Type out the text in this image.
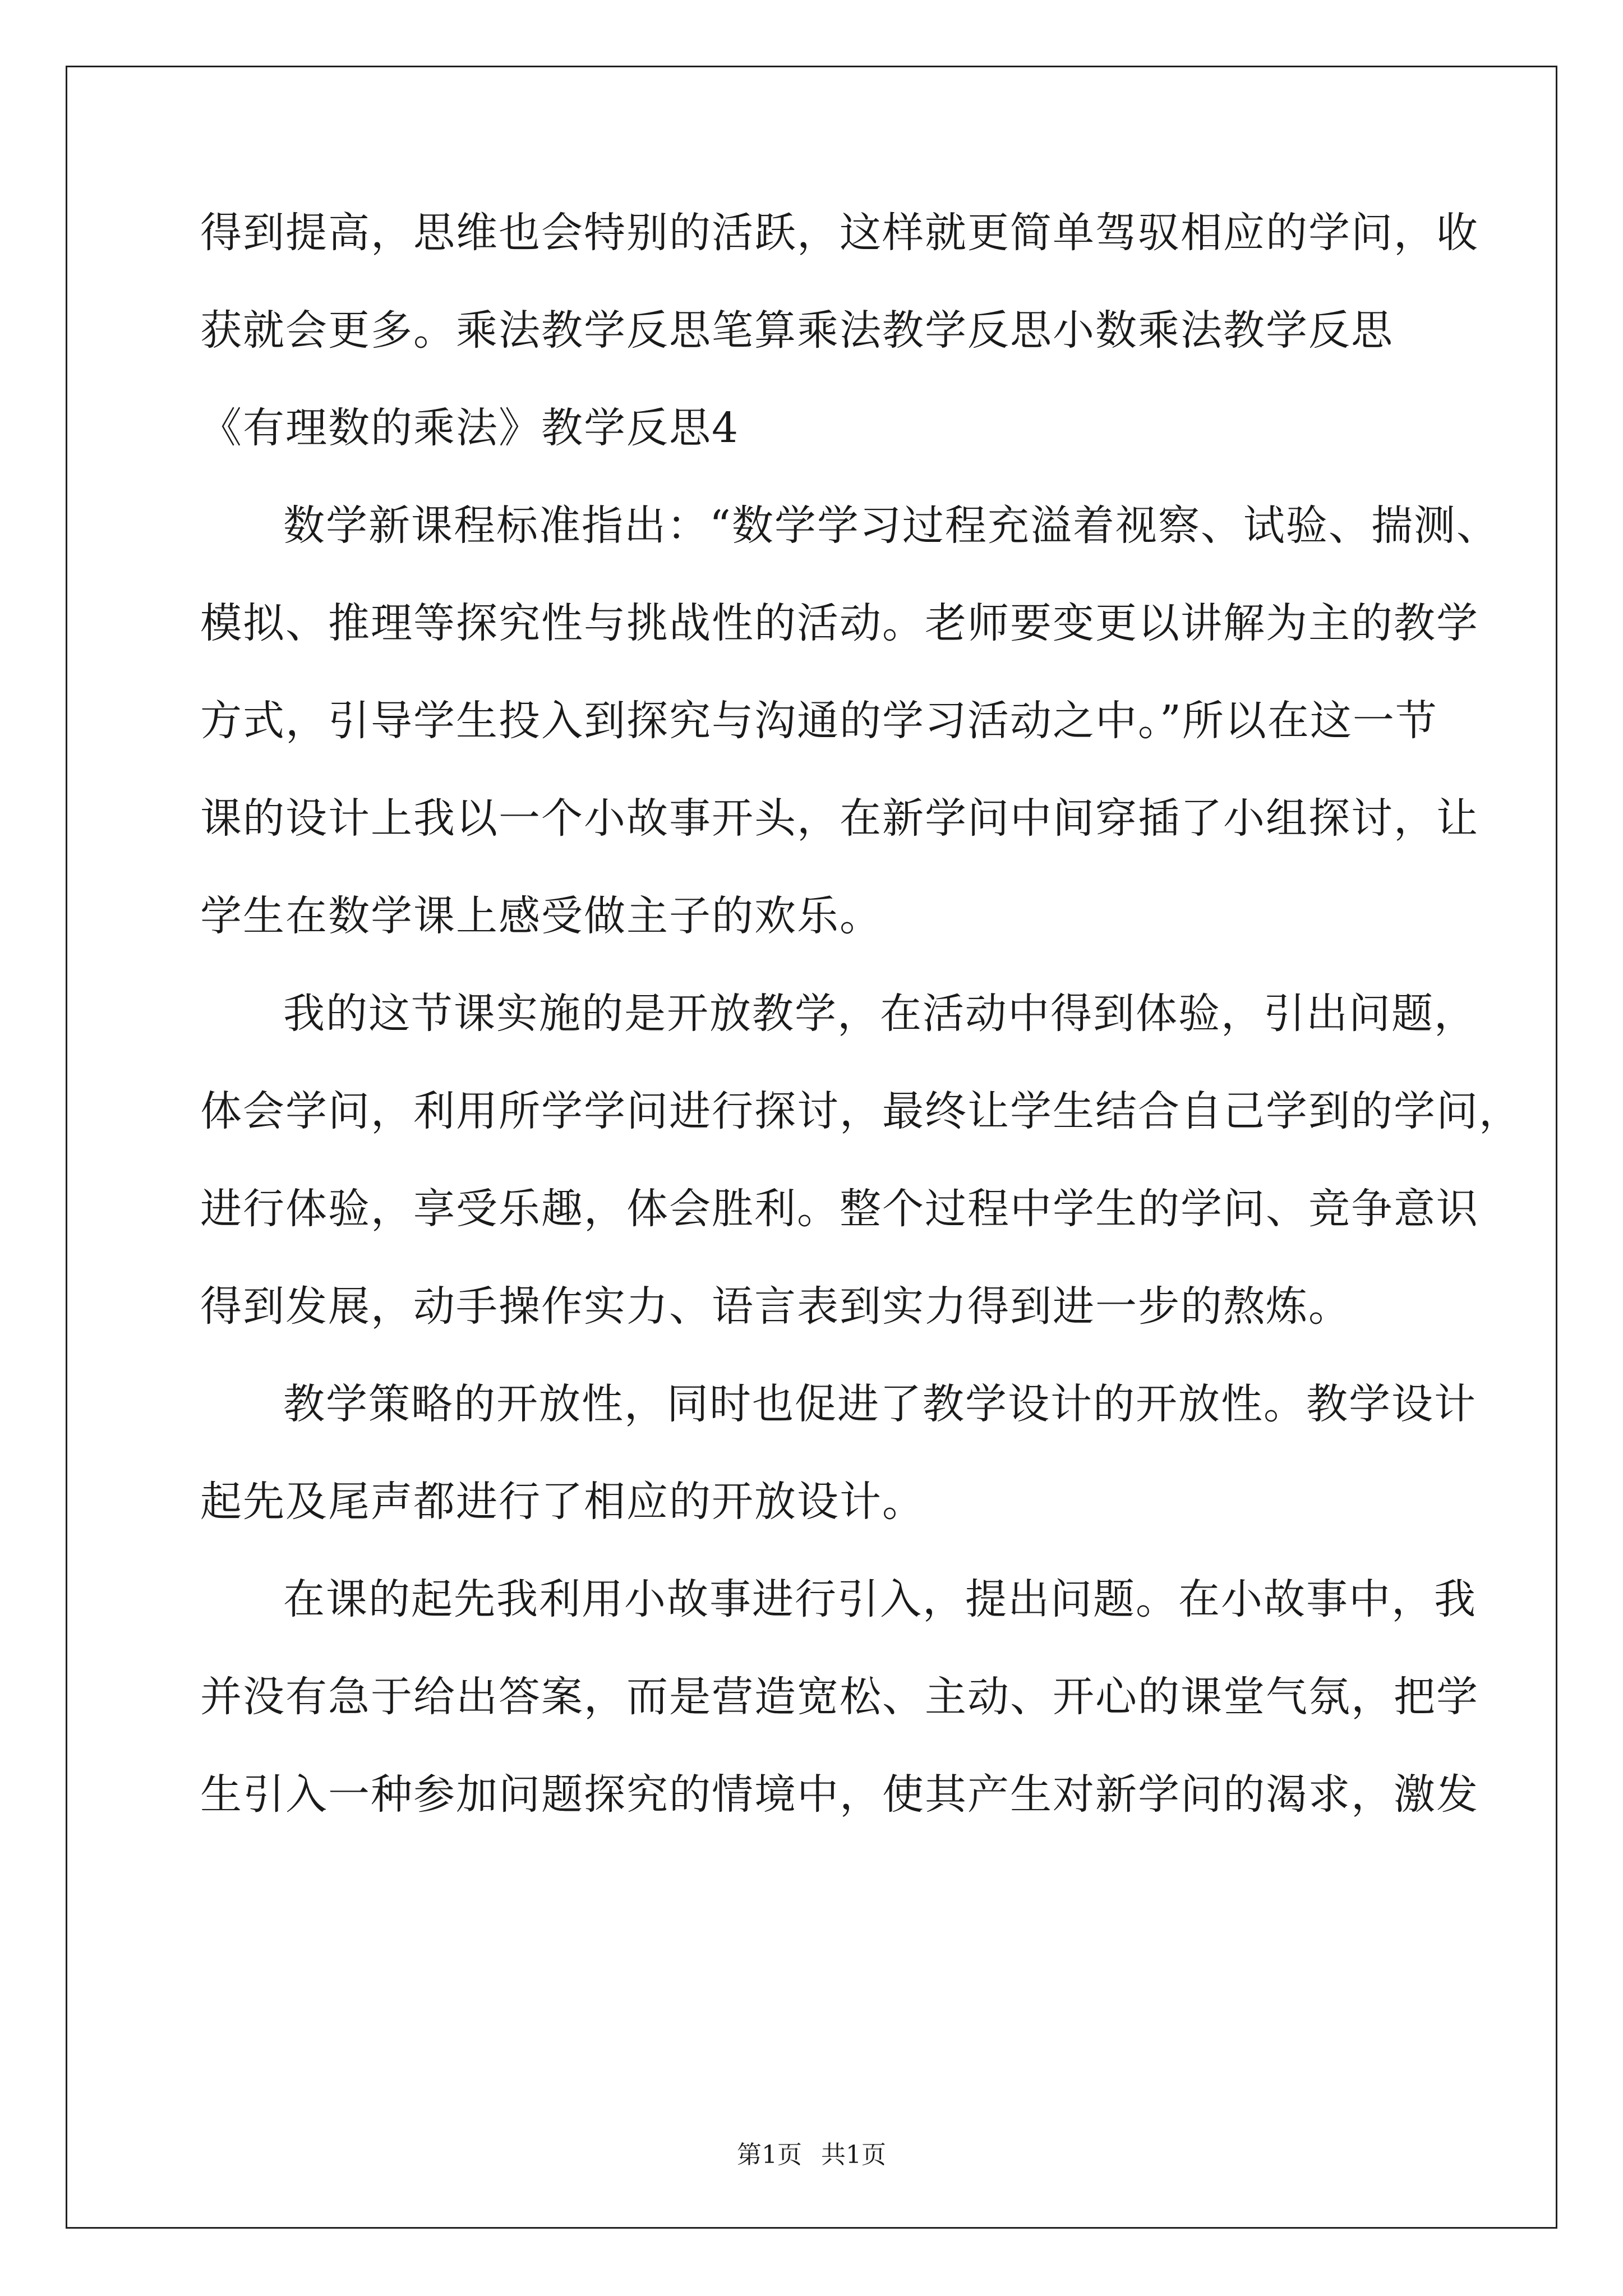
得到提高，思维也会特别的活跃，这样就更简单驾驭相应的学问，收
获就会更多。乘法教学反思笔算乘法教学反思小数乘法教学反思
《有理数的乘法》教学反思4
数学新课程标准指出：“数学学习过程充溢着视察、试验、揣测、
模拟、推理等探究性与挑战性的活动。老师要变更以讲解为主的教学
方式，引导学生投入到探究与沟通的学习活动之中。”所以在这一节
课的设计上我以一个小故事开头，在新学问中间穿插了小组探讨，让
学生在数学课上感受做主子的欢乐。
我的这节课实施的是开放教学，在活动中得到体验，引出问题，
体会学问，利用所学学问进行探讨，最终让学生结合自己学到的学问，
进行体验，享受乐趣，体会胜利。整个过程中学生的学问、竞争意识
得到发展，动手操作实力、语言表到实力得到进一步的熬炼。
教学策略的开放性，同时也促进了教学设计的开放性。教学设计
起先及尾声都进行了相应的开放设计。
在课的起先我利用小故事进行引入，提出问题。在小故事中，我
并没有急于给出答案，而是营造宽松、主动、开心的课堂气氛，把学
生引入一种参加问题探究的情境中，使其产生对新学问的渴求，激发
第1页 共1页
